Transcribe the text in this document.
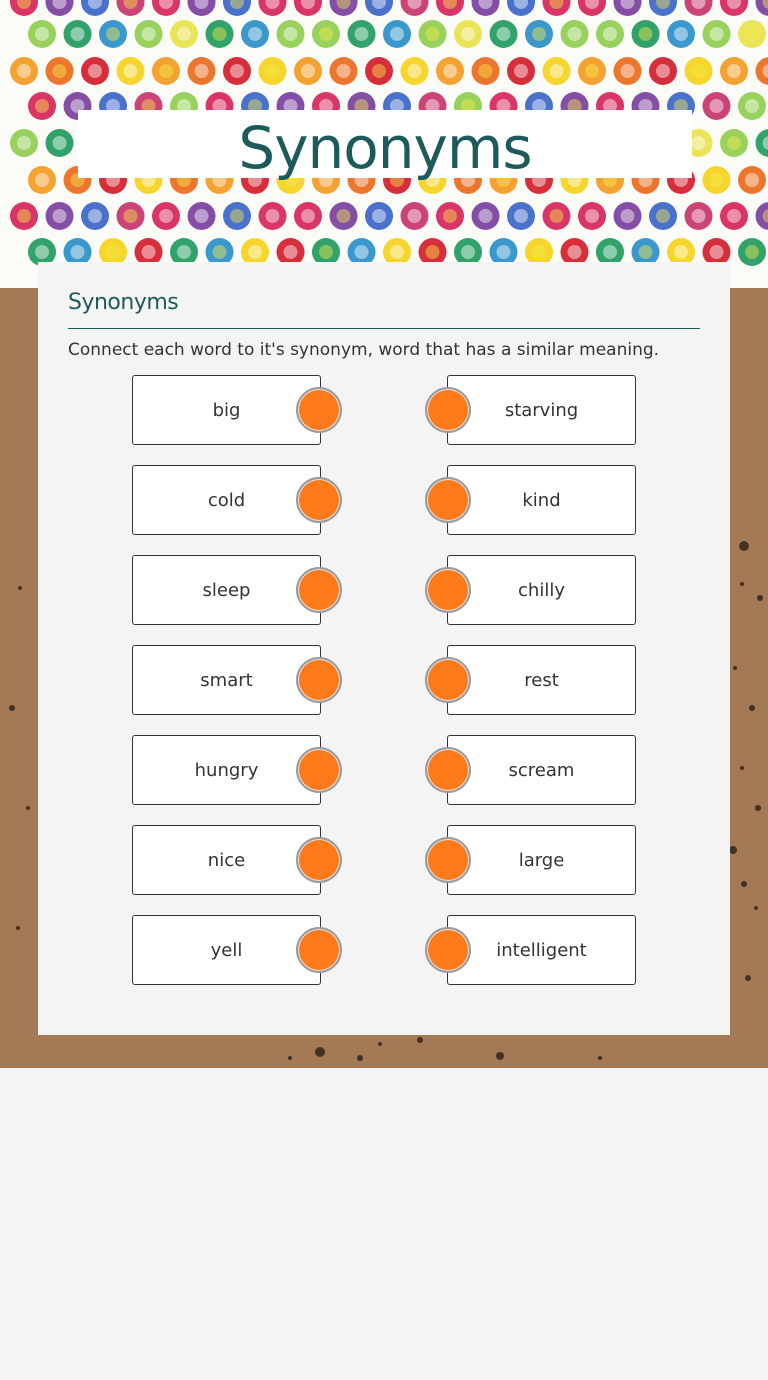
Synonyms
Synonyms
Connect each word to it's synonym, word that has a similar meaning.
big
cold
sleep
smart
hungry
nice
yell
starving
kind
chilly
rest
scream
large
intelligent
